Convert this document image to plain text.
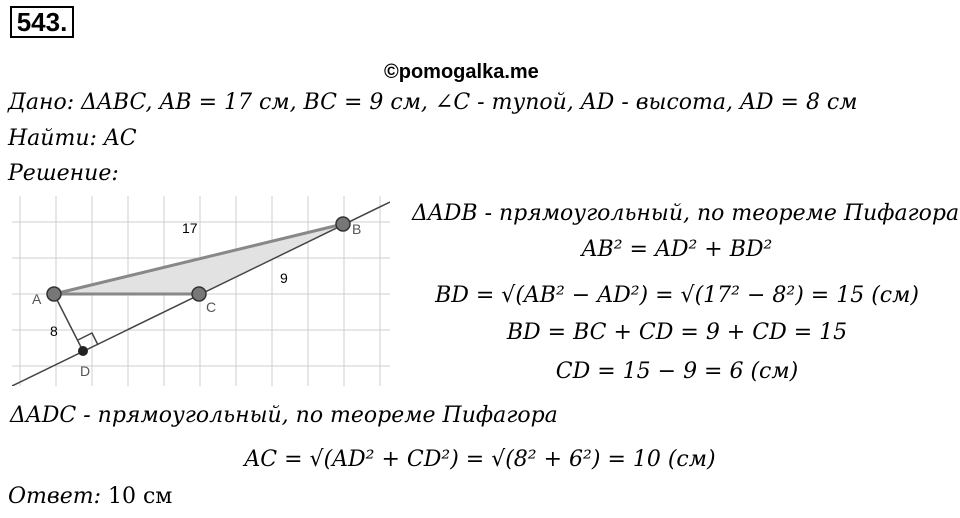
543.
©pomogalka.me
Дано: ΔABC, AB = 17 см, BC = 9 см, ∠C - тупой, AD - высота, AD = 8 см
Найти: AC
Решение:
17
9
8
A
B
C
D
ΔADB - прямоугольный, по теореме Пифагора
AB² = AD² + BD²
BD = √(AB² − AD²) = √(17² − 8²) = 15 (см)
BD = BC + CD = 9 + CD = 15
CD = 15 − 9 = 6 (см)
ΔADC - прямоугольный, по теореме Пифагора
AC = √(AD² + CD²) = √(8² + 6²) = 10 (см)
Ответ: 10 см
